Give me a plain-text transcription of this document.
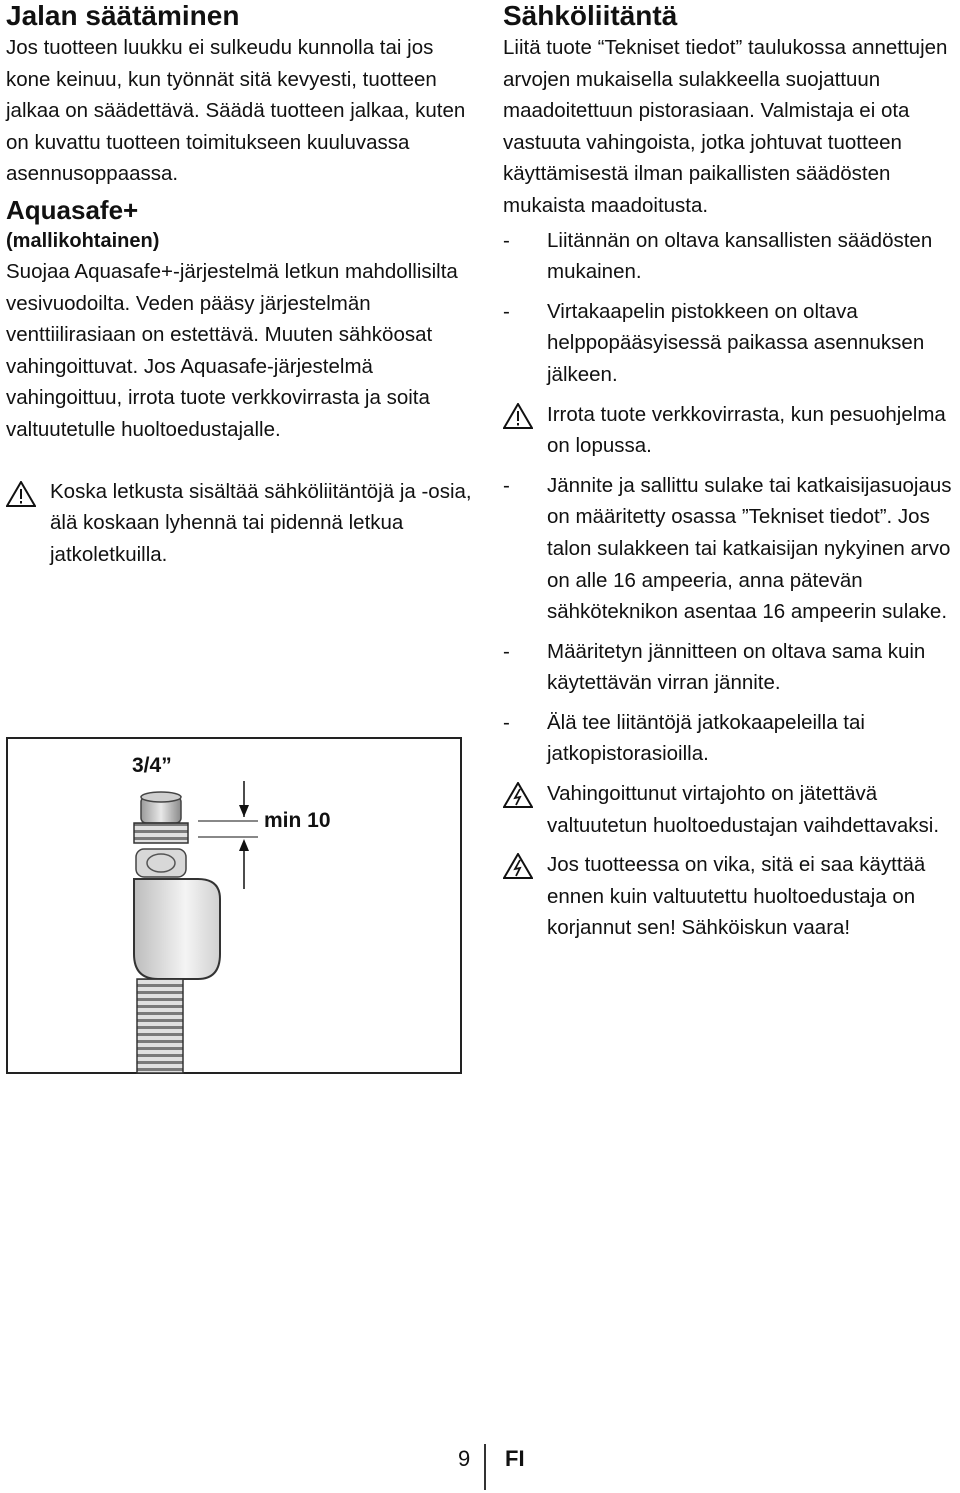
Jalan säätäminen

Jos tuotteen luukku ei sulkeudu kunnolla tai jos kone keinuu, kun työnnät sitä kevyesti, tuotteen jalkaa on säädettävä. Säädä tuotteen jalkaa, kuten on kuvattu tuotteen toimitukseen kuuluvassa asennusoppaassa.

Aquasafe+
(mallikohtainen)

Suojaa Aquasafe+-järjestelmä letkun mahdollisilta vesivuodoilta. Veden pääsy järjestelmän venttiilirasiaan on estettävä. Muuten sähköosat vahingoittuvat. Jos Aquasafe-järjestelmä vahingoittuu, irrota tuote verkkovirrasta ja soita valtuutetulle huoltoedustajalle.

Koska letkusta sisältää sähköliitäntöjä ja -osia, älä koskaan lyhennä tai pidennä letkua jatkoletkuilla.

3/4”
min 10
Sähköliitäntä

Liitä tuote “Tekniset tiedot” taulukossa annettujen arvojen mukaisella sulakkeella suojattuun maadoitettuun pistorasiaan. Valmistaja ei ota vastuuta vahingoista, jotka johtuvat tuotteen käyttämisestä ilman paikallisten säädösten mukaista maadoitusta.

- Liitännän on oltava kansallisten säädösten mukainen.
- Virtakaapelin pistokkeen on oltava helppopääsyisessä paikassa asennuksen jälkeen.
Irrota tuote verkkovirrasta, kun pesuohjelma on lopussa.
- Jännite ja sallittu sulake tai katkaisijasuojaus on määritetty osassa ”Tekniset tiedot”. Jos talon sulakkeen tai katkaisijan nykyinen arvo on alle 16 ampeeria, anna pätevän sähköteknikon asentaa 16 ampeerin sulake.
- Määritetyn jännitteen on oltava sama kuin käytettävän virran jännite.
- Älä tee liitäntöjä jatkokaapeleilla tai jatkopistorasioilla.
Vahingoittunut virtajohto on jätettävä valtuutetun huoltoedustajan vaihdettavaksi.
Jos tuotteessa on vika, sitä ei saa käyttää ennen kuin valtuutettu huoltoedustaja on korjannut sen! Sähköiskun vaara!
9 FI
